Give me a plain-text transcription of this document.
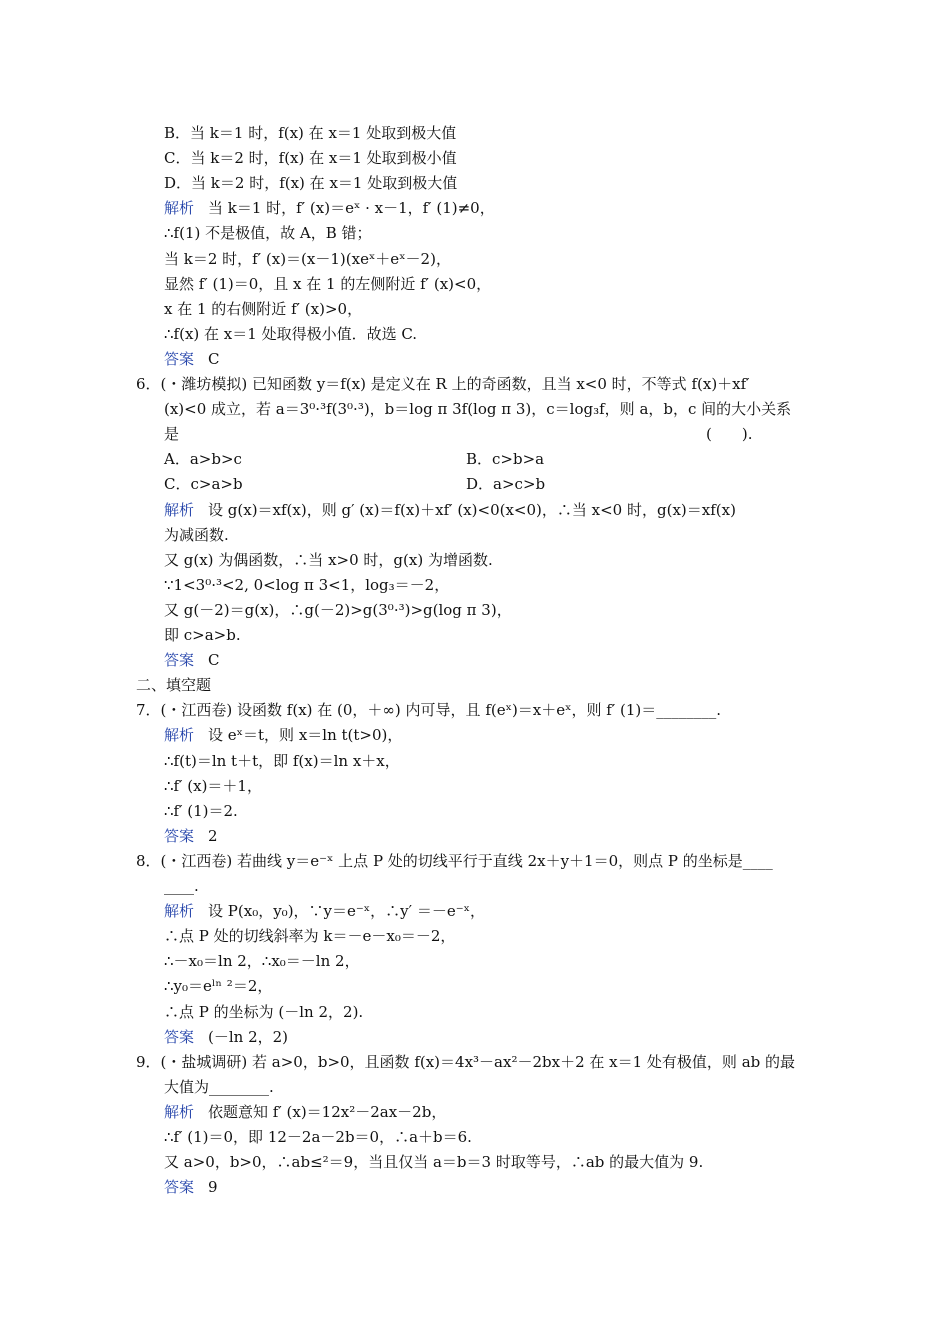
B．当 k＝1 时，f(x) 在 x＝1 处取到极大值
C．当 k＝2 时，f(x) 在 x＝1 处取到极小值
D．当 k＝2 时，f(x) 在 x＝1 处取到极大值
解析 当 k＝1 时，f′ (x)＝eˣ · x－1，f′ (1)≠0，
∴f(1) 不是极值，故 A，B 错；
当 k＝2 时，f′ (x)＝(x－1)(xeˣ＋eˣ－2)，
显然 f′ (1)＝0，且 x 在 1 的左侧附近 f′ (x)<0，
x 在 1 的右侧附近 f′ (x)>0，
∴f(x) 在 x＝1 处取得极小值．故选 C.
答案 C
6．(・潍坊模拟) 已知函数 y＝f(x) 是定义在 R 上的奇函数，且当 x<0 时，不等式 f(x)＋xf′
(x)<0 成立，若 a＝3⁰·³f(3⁰·³)，b＝log π 3f(log π 3)，c＝log₃f，则 a，b，c 间的大小关系
是	(　　).
A．a>b>c	B．c>b>a
C．c>a>b	D．a>c>b
解析 设 g(x)＝xf(x)，则 g′ (x)＝f(x)＋xf′ (x)<0(x<0)，∴当 x<0 时，g(x)＝xf(x)
为减函数.
又 g(x) 为偶函数，∴当 x>0 时，g(x) 为增函数.
∵1<3⁰·³<2, 0<log π 3<1，log₃＝－2，
又 g(－2)＝g(x)，∴g(－2)>g(3⁰·³)>g(log π 3)，
即 c>a>b.
答案 C
二、填空题
7．(・江西卷) 设函数 f(x) 在 (0，＋∞) 内可导，且 f(eˣ)＝x＋eˣ，则 f′ (1)＝________.
解析 设 eˣ＝t，则 x＝ln t(t>0)，
∴f(t)＝ln t＋t，即 f(x)＝ln x＋x，
∴f′ (x)＝＋1，
∴f′ (1)＝2.
答案 2
8．(・江西卷) 若曲线 y＝e⁻ˣ 上点 P 处的切线平行于直线 2x＋y＋1＝0，则点 P 的坐标是____
____.
解析 设 P(x₀，y₀)，∵y＝e⁻ˣ，∴y′ ＝－e⁻ˣ，
∴点 P 处的切线斜率为 k＝－e－x₀＝－2，
∴－x₀＝ln 2，∴x₀＝－ln 2，
∴y₀＝eˡⁿ ²＝2，
∴点 P 的坐标为 (－ln 2，2).
答案 (－ln 2，2)
9．(・盐城调研) 若 a>0，b>0，且函数 f(x)＝4x³－ax²－2bx＋2 在 x＝1 处有极值，则 ab 的最
大值为________.
解析 依题意知 f′ (x)＝12x²－2ax－2b，
∴f′ (1)＝0，即 12－2a－2b＝0，∴a＋b＝6.
又 a>0，b>0，∴ab≤²＝9，当且仅当 a＝b＝3 时取等号，∴ab 的最大值为 9.
答案 9
